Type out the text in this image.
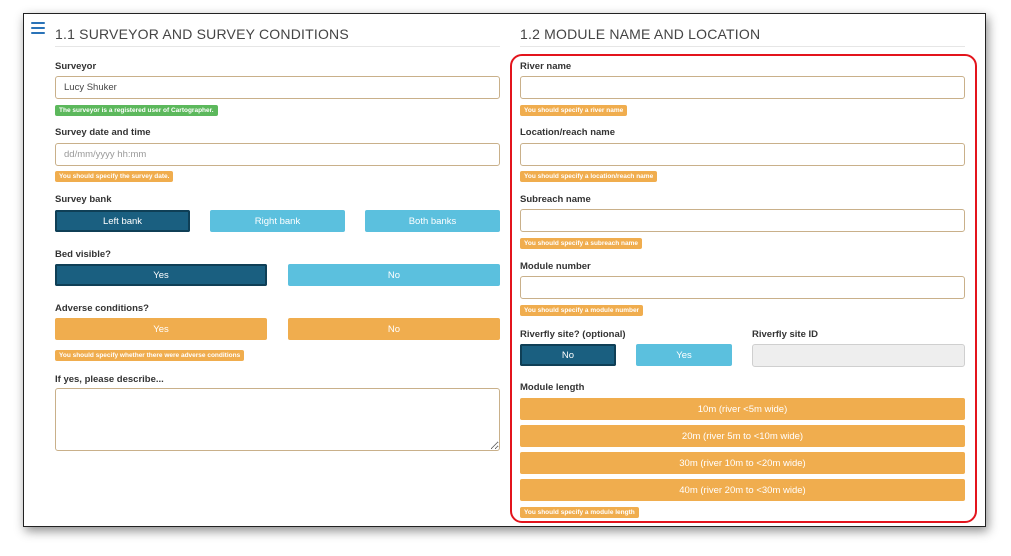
1.1 SURVEYOR AND SURVEY CONDITIONS
Surveyor
Lucy Shuker
The surveyor is a registered user of Cartographer.
Survey date and time
dd/mm/yyyy hh:mm
You should specify the survey date.
Survey bank
Left bank	Right bank	Both banks
Bed visible?
Yes	No
Adverse conditions?
Yes	No
You should specify whether there were adverse conditions
If yes, please describe...
1.2 MODULE NAME AND LOCATION
River name
You should specify a river name
Location/reach name
You should specify a location/reach name
Subreach name
You should specify a subreach name
Module number
You should specify a module number
Riverfly site? (optional)
No	Yes
Riverfly site ID
Module length
10m (river <5m wide)
20m (river 5m to <10m wide)
30m (river 10m to <20m wide)
40m (river 20m to <30m wide)
You should specify a module length
